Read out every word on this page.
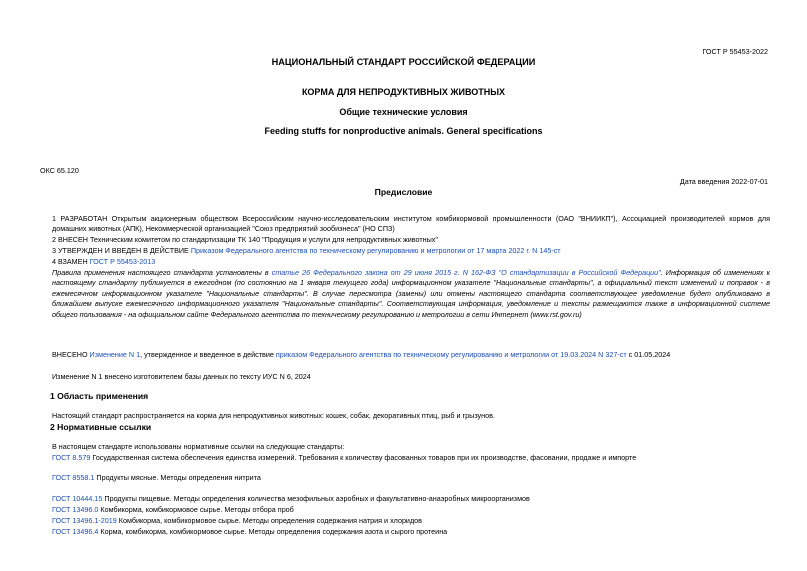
ГОСТ Р 55453-2022
НАЦИОНАЛЬНЫЙ СТАНДАРТ РОССИЙСКОЙ ФЕДЕРАЦИИ
КОРМА ДЛЯ НЕПРОДУКТИВНЫХ ЖИВОТНЫХ
Общие технические условия
Feeding stuffs for nonproductive animals. General specifications
ОКС 65.120
Дата введения 2022-07-01
Предисловие
1 РАЗРАБОТАН Открытым акционерным обществом Всероссийским научно-исследовательским институтом комбикормовой промышленности (ОАО "ВНИИКП"), Ассоциацией производителей кормов для домашних животных (АПК), Некоммерческой организацией "Союз предприятий зообизнеса" (НО СПЗ)
2 ВНЕСЕН Техническим комитетом по стандартизации ТК 140 "Продукция и услуги для непродуктивных животных"
3 УТВЕРЖДЕН И ВВЕДЕН В ДЕЙСТВИЕ Приказом Федерального агентства по техническому регулированию и метрологии от 17 марта 2022 г. N 145-ст
4 ВЗАМЕН ГОСТ Р 55453-2013
Правила применения настоящего стандарта установлены в статье 26 Федерального закона от 29 июня 2015 г. N 162-ФЗ "О стандартизации в Российской Федерации". Информация об изменениях к настоящему стандарту публикуется в ежегодном (по состоянию на 1 января текущего года) информационном указателе "Национальные стандарты", а официальный текст изменений и поправок - в ежемесячном информационном указателе "Национальные стандарты". В случае пересмотра (замены) или отмены настоящего стандарта соответствующее уведомление будет опубликовано в ближайшем выпуске ежемесячного информационного указателя "Национальные стандарты". Соответствующая информация, уведомление и тексты размещаются также в информационной системе общего пользования - на официальном сайте Федерального агентства по техническому регулированию и метрологии в сети Интернет (www.rst.gov.ru)
ВНЕСЕНО Изменение N 1, утвержденное и введенное в действие приказом Федерального агентства по техническому регулированию и метрологии от 19.03.2024 N 327-ст с 01.05.2024
Изменение N 1 внесено изготовителем базы данных по тексту ИУС N 6, 2024
1 Область применения
Настоящий стандарт распространяется на корма для непродуктивных животных: кошек, собак, декоративных птиц, рыб и грызунов.
2 Нормативные ссылки
В настоящем стандарте использованы нормативные ссылки на следующие стандарты:
ГОСТ 8.579 Государственная система обеспечения единства измерений. Требования к количеству фасованных товаров при их производстве, фасовании, продаже и импорте
ГОСТ 8558.1 Продукты мясные. Методы определения нитрита
ГОСТ 10444.15 Продукты пищевые. Методы определения количества мезофильных аэробных и факультативно-анаэробных микроорганизмов
ГОСТ 13496.0 Комбикорма, комбикормовое сырье. Методы отбора проб
ГОСТ 13496.1-2019 Комбикорма, комбикормовое сырье. Методы определения содержания натрия и хлоридов
ГОСТ 13496.4 Корма, комбикорма, комбикормовое сырье. Методы определения содержания азота и сырого протеина
